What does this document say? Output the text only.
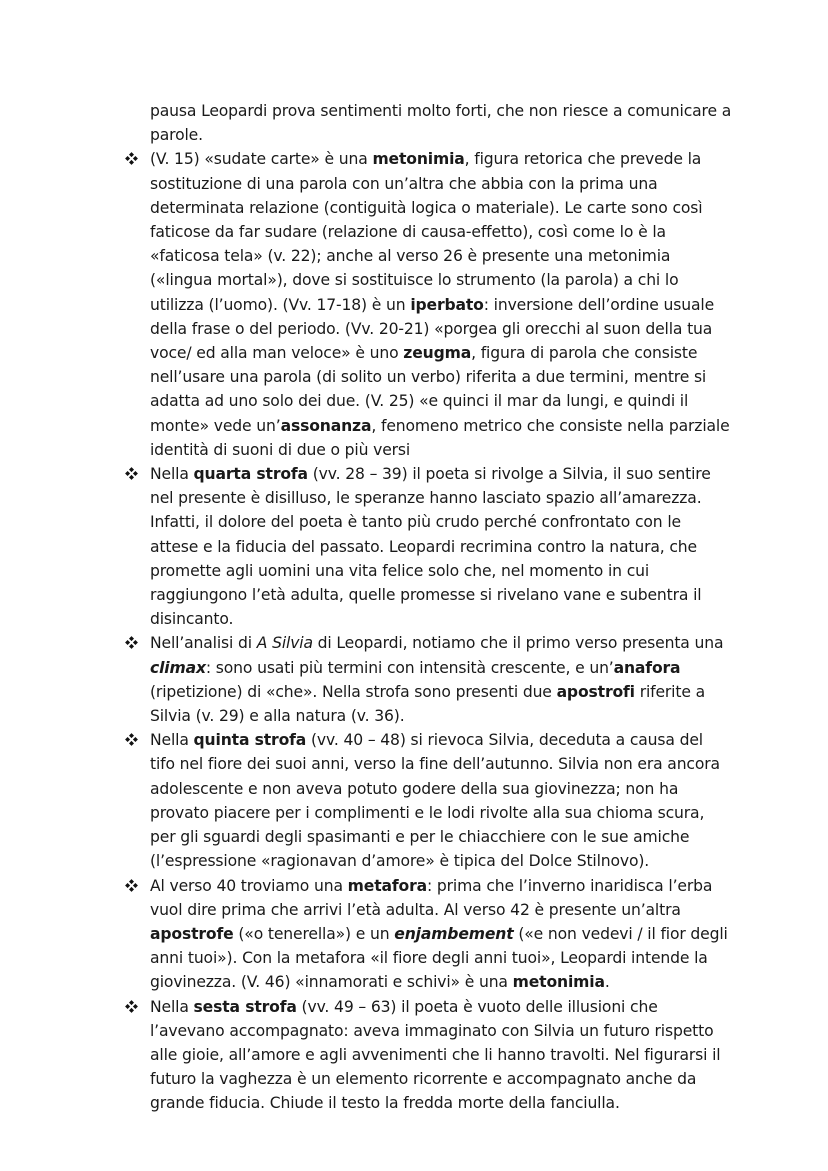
pausa Leopardi prova sentimenti molto forti, che non riesce a comunicare a parole.

(V. 15) «sudate carte» è una metonimia, figura retorica che prevede la sostituzione di una parola con un’altra che abbia con la prima una determinata relazione (contiguità logica o materiale). Le carte sono così faticose da far sudare (relazione di causa-effetto), così come lo è la «faticosa tela» (v. 22); anche al verso 26 è presente una metonimia («lingua mortal»), dove si sostituisce lo strumento (la parola) a chi lo utilizza (l’uomo). (Vv. 17-18) è un iperbato: inversione dell’ordine usuale della frase o del periodo. (Vv. 20-21) «porgea gli orecchi al suon della tua voce/ ed alla man veloce» è uno zeugma, figura di parola che consiste nell’usare una parola (di solito un verbo) riferita a due termini, mentre si adatta ad uno solo dei due. (V. 25) «e quinci il mar da lungi, e quindi il monte» vede un’assonanza, fenomeno metrico che consiste nella parziale identità di suoni di due o più versi

Nella quarta strofa (vv. 28 – 39) il poeta si rivolge a Silvia, il suo sentire nel presente è disilluso, le speranze hanno lasciato spazio all’amarezza. Infatti, il dolore del poeta è tanto più crudo perché confrontato con le attese e la fiducia del passato. Leopardi recrimina contro la natura, che promette agli uomini una vita felice solo che, nel momento in cui raggiungono l’età adulta, quelle promesse si rivelano vane e subentra il disincanto.

Nell’analisi di A Silvia di Leopardi, notiamo che il primo verso presenta una climax: sono usati più termini con intensità crescente, e un’anafora (ripetizione) di «che». Nella strofa sono presenti due apostrofi riferite a Silvia (v. 29) e alla natura (v. 36).

Nella quinta strofa (vv. 40 – 48) si rievoca Silvia, deceduta a causa del tifo nel fiore dei suoi anni, verso la fine dell’autunno. Silvia non era ancora adolescente e non aveva potuto godere della sua giovinezza; non ha provato piacere per i complimenti e le lodi rivolte alla sua chioma scura, per gli sguardi degli spasimanti e per le chiacchiere con le sue amiche (l’espressione «ragionavan d’amore» è tipica del Dolce Stilnovo).

Al verso 40 troviamo una metafora: prima che l’inverno inaridisca l’erba vuol dire prima che arrivi l’età adulta. Al verso 42 è presente un’altra apostrofe («o tenerella») e un enjambement («e non vedevi / il fior degli anni tuoi»). Con la metafora «il fiore degli anni tuoi», Leopardi intende la giovinezza. (V. 46) «innamorati e schivi» è una metonimia.

Nella sesta strofa (vv. 49 – 63) il poeta è vuoto delle illusioni che l’avevano accompagnato: aveva immaginato con Silvia un futuro rispetto alle gioie, all’amore e agli avvenimenti che li hanno travolti. Nel figurarsi il futuro la vaghezza è un elemento ricorrente e accompagnato anche da grande fiducia. Chiude il testo la fredda morte della fanciulla.
